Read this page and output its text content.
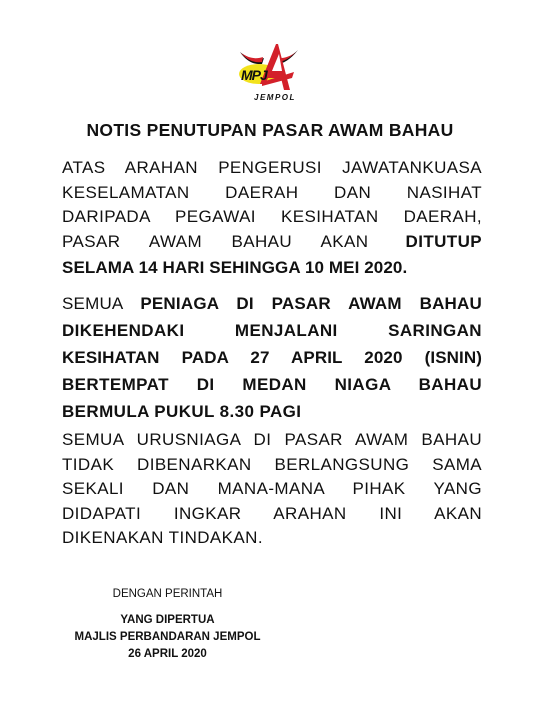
MPJ
JEMPOL
NOTIS PENUTUPAN PASAR AWAM BAHAU
ATAS ARAHAN PENGERUSI JAWATANKUASA
KESELAMATAN DAERAH DAN NASIHAT
DARIPADA PEGAWAI KESIHATAN DAERAH,
PASAR AWAM BAHAU AKAN DITUTUP
SELAMA 14 HARI SEHINGGA 10 MEI 2020.
SEMUA PENIAGA DI PASAR AWAM BAHAU
DIKEHENDAKI MENJALANI SARINGAN
KESIHATAN PADA 27 APRIL 2020 (ISNIN)
BERTEMPAT DI MEDAN NIAGA BAHAU
BERMULA PUKUL 8.30 PAGI
SEMUA URUSNIAGA DI PASAR AWAM BAHAU
TIDAK DIBENARKAN BERLANGSUNG SAMA
SEKALI DAN MANA-MANA PIHAK YANG
DIDAPATI INGKAR ARAHAN INI AKAN
DIKENAKAN TINDAKAN.
DENGAN PERINTAH
YANG DIPERTUA
MAJLIS PERBANDARAN JEMPOL
26 APRIL 2020
